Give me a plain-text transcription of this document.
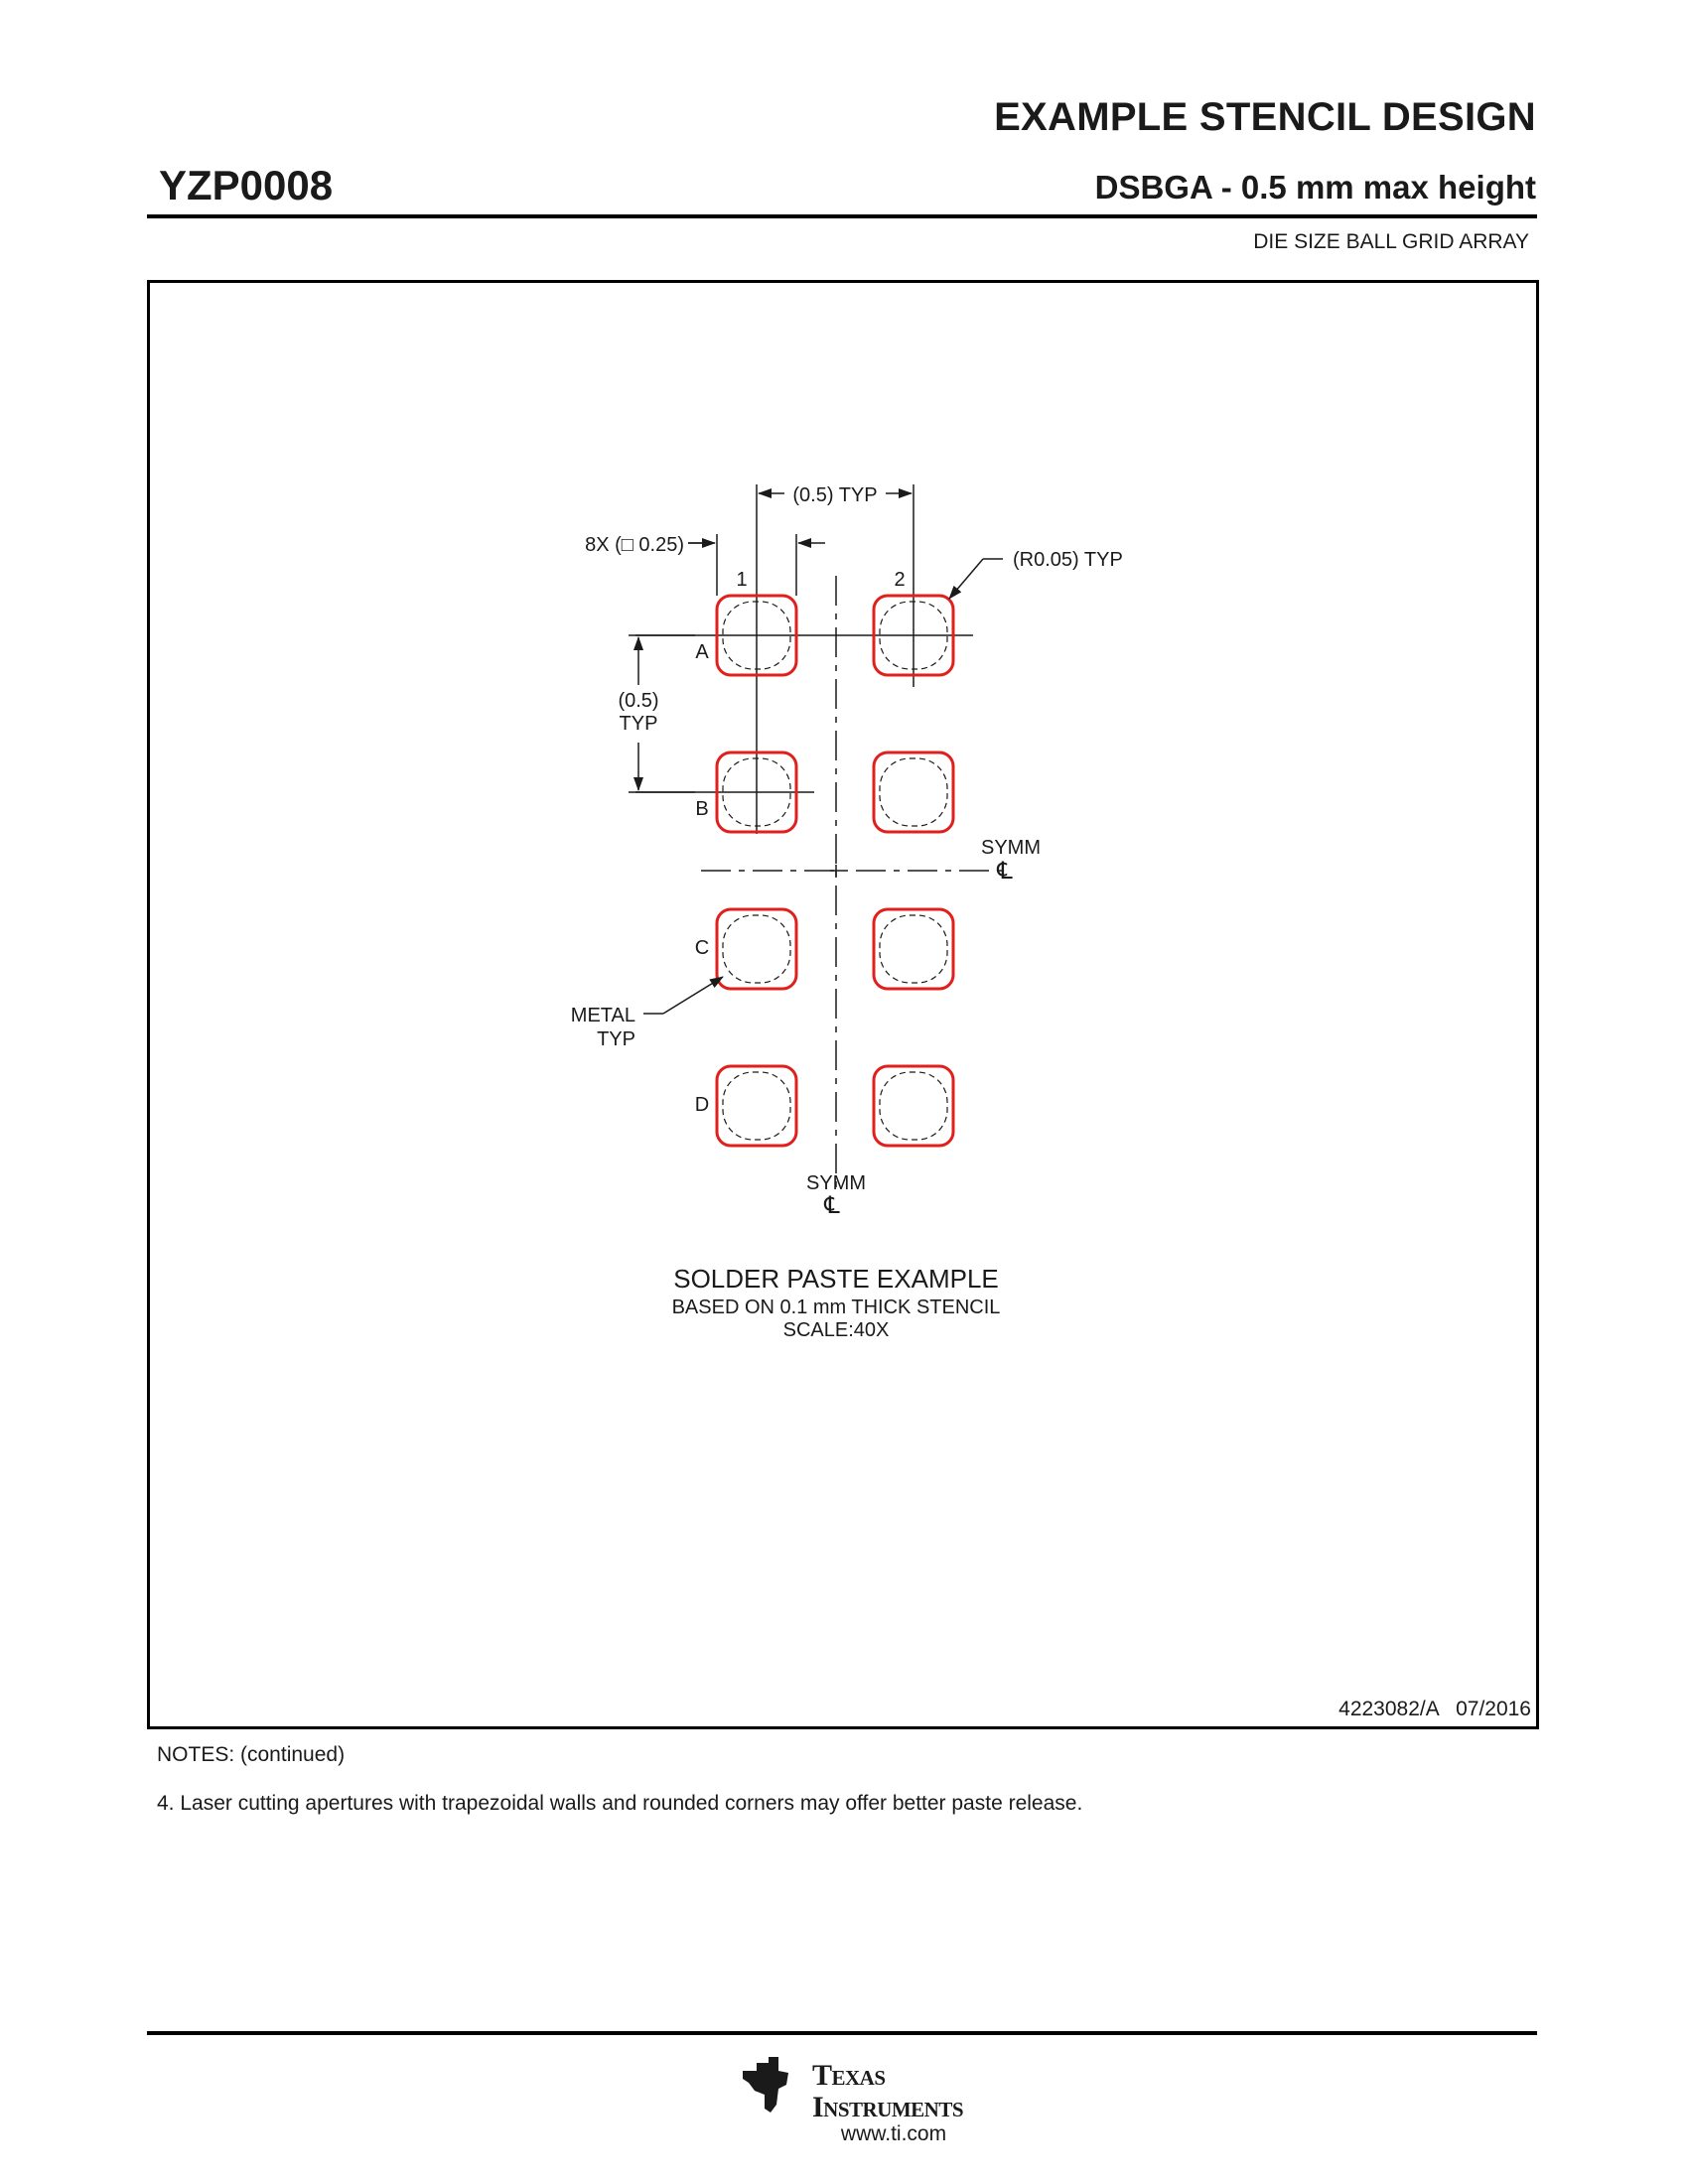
EXAMPLE STENCIL DESIGN
YZP0008	DSBGA - 0.5 mm max height
DIE SIZE BALL GRID ARRAY
(0.5) TYP
8X (□ 0.25)
(R0.05) TYP
(0.5)
TYP
1	2
A
B
C
D
SYMM
℄
SYMM
℄
METAL
TYP
SOLDER PASTE EXAMPLE
BASED ON 0.1 mm THICK STENCIL
SCALE:40X
4223082/A   07/2016
NOTES: (continued)
4. Laser cutting apertures with trapezoidal walls and rounded corners may offer better paste release.
ti Texas
Instruments
www.ti.com
